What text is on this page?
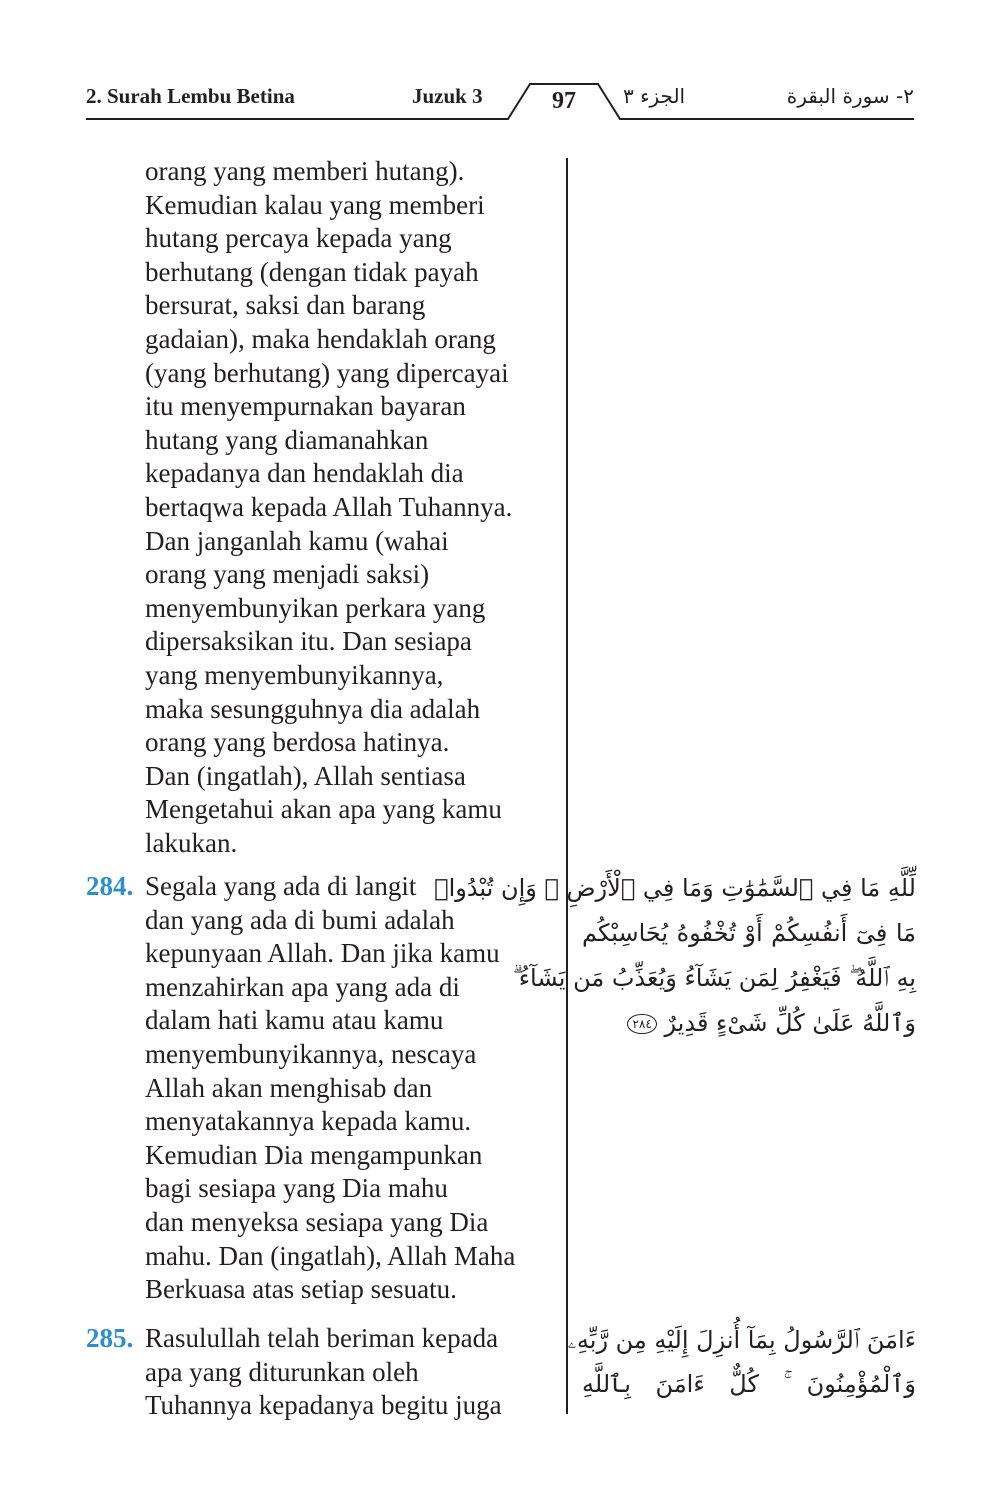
2. Surah Lembu Betina	Juzuk 3	97	الجزء ٣	٢- سورة البقرة
orang yang memberi hutang).
Kemudian kalau yang memberi
hutang percaya kepada yang
berhutang (dengan tidak payah
bersurat, saksi dan barang
gadaian), maka hendaklah orang
(yang berhutang) yang dipercayai
itu menyempurnakan bayaran
hutang yang diamanahkan
kepadanya dan hendaklah dia
bertaqwa kepada Allah Tuhannya.
Dan janganlah kamu (wahai
orang yang menjadi saksi)
menyembunyikan perkara yang
dipersaksikan itu. Dan sesiapa
yang menyembunyikannya,
maka sesungguhnya dia adalah
orang yang berdosa hatinya.
Dan (ingatlah), Allah sentiasa
Mengetahui akan apa yang kamu
lakukan.
284. Segala yang ada di langit
dan yang ada di bumi adalah
kepunyaan Allah. Dan jika kamu
menzahirkan apa yang ada di
dalam hati kamu atau kamu
menyembunyikannya, nescaya
Allah akan menghisab dan
menyatakannya kepada kamu.
Kemudian Dia mengampunkan
bagi sesiapa yang Dia mahu
dan menyeksa sesiapa yang Dia
mahu. Dan (ingatlah), Allah Maha
Berkuasa atas setiap sesuatu.
لِّلَّهِ مَا فِي ٱلسَّمَٰوَٰتِ وَمَا فِي ٱلْأَرْضِ ۗ وَإِن تُبْدُوا۟
مَا فِىٓ أَنفُسِكُمْ أَوْ تُخْفُوهُ يُحَاسِبْكُم
بِهِ ٱللَّهُ ۖ فَيَغْفِرُ لِمَن يَشَآءُ وَيُعَذِّبُ مَن يَشَآءُ ۗ
وَٱللَّهُ عَلَىٰ كُلِّ شَىْءٍ قَدِيرٌ ٢٨٤
285. Rasulullah telah beriman kepada
apa yang diturunkan oleh
Tuhannya kepadanya begitu juga
ءَامَنَ ٱلرَّسُولُ بِمَآ أُنزِلَ إِلَيْهِ مِن رَّبِّهِۦ
وَٱلْمُؤْمِنُونَ ۚ كُلٌّ ءَامَنَ بِٱللَّهِ
